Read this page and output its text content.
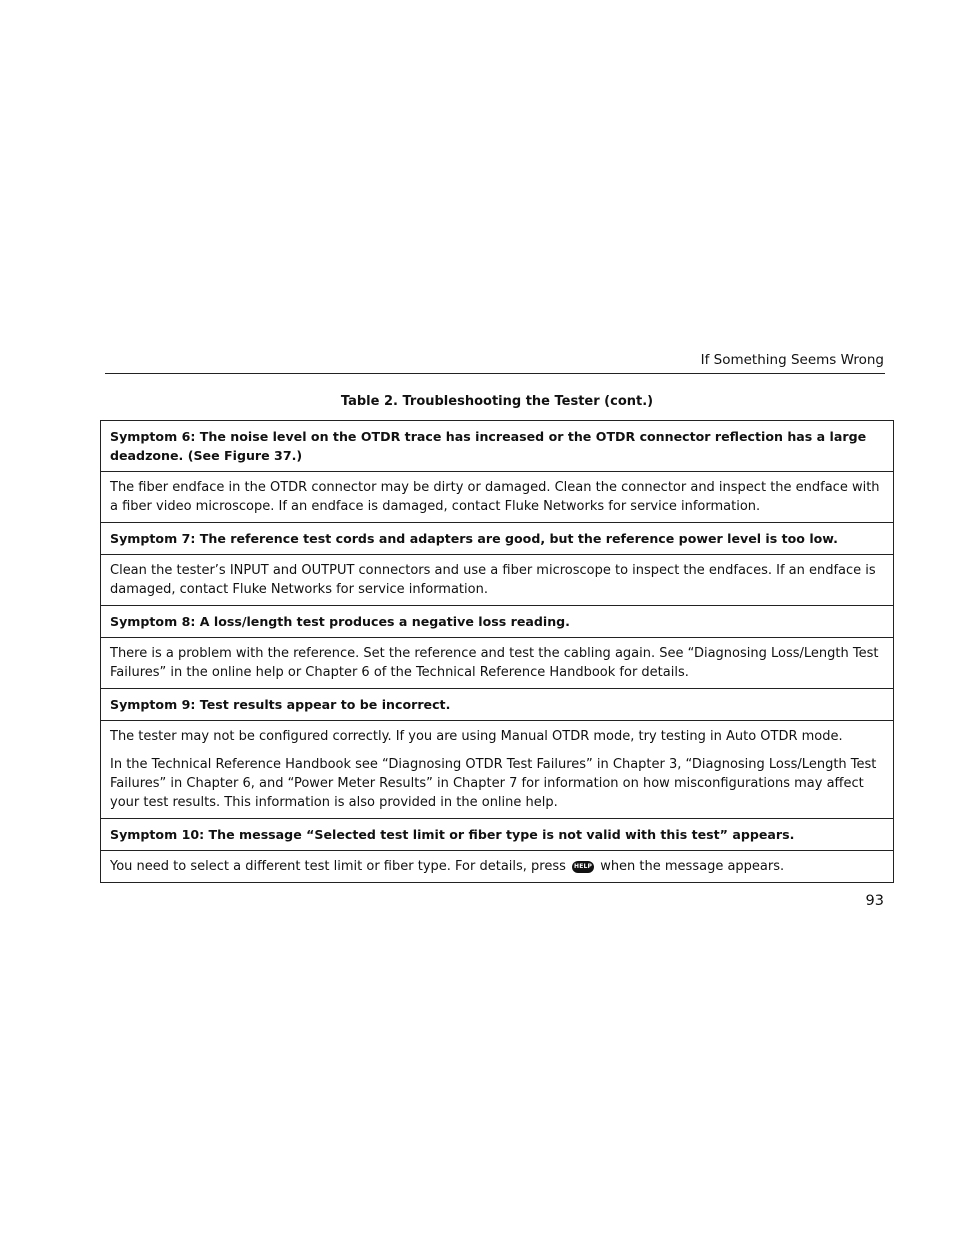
If Something Seems Wrong
Table 2. Troubleshooting the Tester (cont.)

Symptom 6: The noise level on the OTDR trace has increased or the OTDR connector reflection has a large deadzone. (See Figure 37.)

The fiber endface in the OTDR connector may be dirty or damaged. Clean the connector and inspect the endface with a fiber video microscope. If an endface is damaged, contact Fluke Networks for service information.

Symptom 7: The reference test cords and adapters are good, but the reference power level is too low.

Clean the tester’s INPUT and OUTPUT connectors and use a fiber microscope to inspect the endfaces. If an endface is damaged, contact Fluke Networks for service information.

Symptom 8: A loss/length test produces a negative loss reading.

There is a problem with the reference. Set the reference and test the cabling again. See “Diagnosing Loss/Length Test Failures” in the online help or Chapter 6 of the Technical Reference Handbook for details.

Symptom 9: Test results appear to be incorrect.

The tester may not be configured correctly. If you are using Manual OTDR mode, try testing in Auto OTDR mode.

In the Technical Reference Handbook see “Diagnosing OTDR Test Failures” in Chapter 3, “Diagnosing Loss/Length Test Failures” in Chapter 6, and “Power Meter Results” in Chapter 7 for information on how misconfigurations may affect your test results. This information is also provided in the online help.

Symptom 10: The message “Selected test limit or fiber type is not valid with this test” appears.

You need to select a different test limit or fiber type. For details, press HELP when the message appears.

93
